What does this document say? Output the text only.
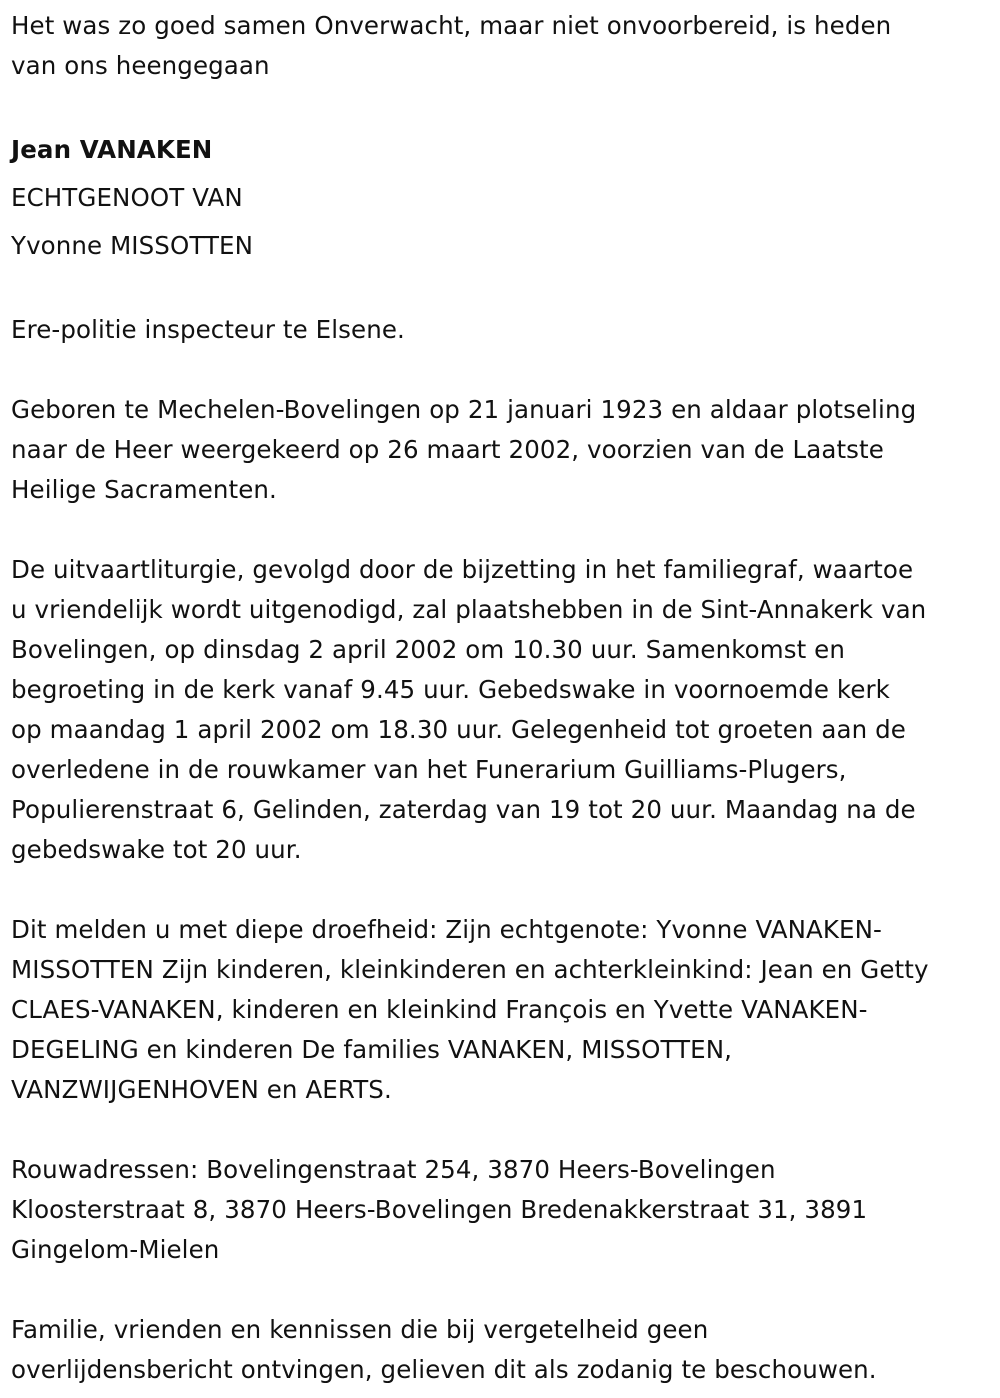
Het was zo goed samen Onverwacht, maar niet onvoorbereid, is heden
van ons heengegaan
Jean VANAKEN
ECHTGENOOT VAN
Yvonne MISSOTTEN
Ere-politie inspecteur te Elsene.
Geboren te Mechelen-Bovelingen op 21 januari 1923 en aldaar plotseling
naar de Heer weergekeerd op 26 maart 2002, voorzien van de Laatste
Heilige Sacramenten.
De uitvaartliturgie, gevolgd door de bijzetting in het familiegraf, waartoe
u vriendelijk wordt uitgenodigd, zal plaatshebben in de Sint-Annakerk van
Bovelingen, op dinsdag 2 april 2002 om 10.30 uur. Samenkomst en
begroeting in de kerk vanaf 9.45 uur. Gebedswake in voornoemde kerk
op maandag 1 april 2002 om 18.30 uur. Gelegenheid tot groeten aan de
overledene in de rouwkamer van het Funerarium Guilliams-Plugers,
Populierenstraat 6, Gelinden, zaterdag van 19 tot 20 uur. Maandag na de
gebedswake tot 20 uur.
Dit melden u met diepe droefheid: Zijn echtgenote: Yvonne VANAKEN-
MISSOTTEN Zijn kinderen, kleinkinderen en achterkleinkind: Jean en Getty
CLAES-VANAKEN, kinderen en kleinkind François en Yvette VANAKEN-
DEGELING en kinderen De families VANAKEN, MISSOTTEN,
VANZWIJGENHOVEN en AERTS.
Rouwadressen: Bovelingenstraat 254, 3870 Heers-Bovelingen
Kloosterstraat 8, 3870 Heers-Bovelingen Bredenakkerstraat 31, 3891
Gingelom-Mielen
Familie, vrienden en kennissen die bij vergetelheid geen
overlijdensbericht ontvingen, gelieven dit als zodanig te beschouwen.
